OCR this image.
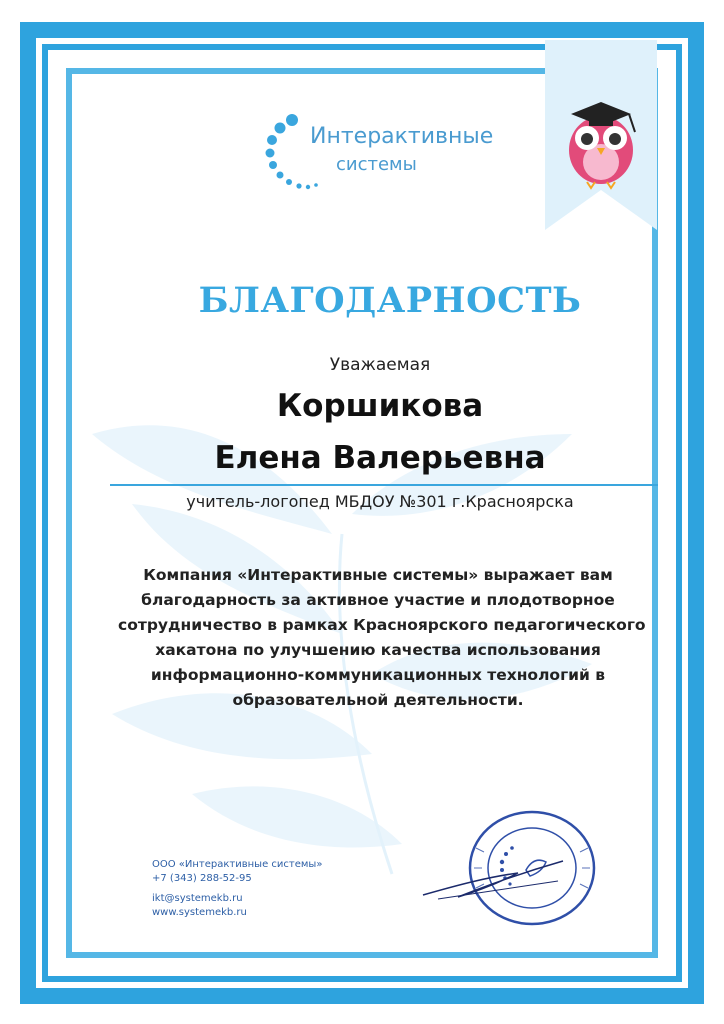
Интерактивные
системы
БЛАГОДАРНОСТЬ
Уважаемая
Коршикова
Елена Валерьевна
учитель-логопед МБДОУ №301 г.Красноярска
Компания «Интерактивные системы» выражает вам
благодарность за активное участие и плодотворное
сотрудничество в рамках Красноярского педагогического
хакатона по улучшению качества использования
информационно-коммуникационных технологий в
образовательной деятельности.
ООО «Интерактивные системы»
+7 (343) 288-52-95
ikt@systemekb.ru
www.systemekb.ru
